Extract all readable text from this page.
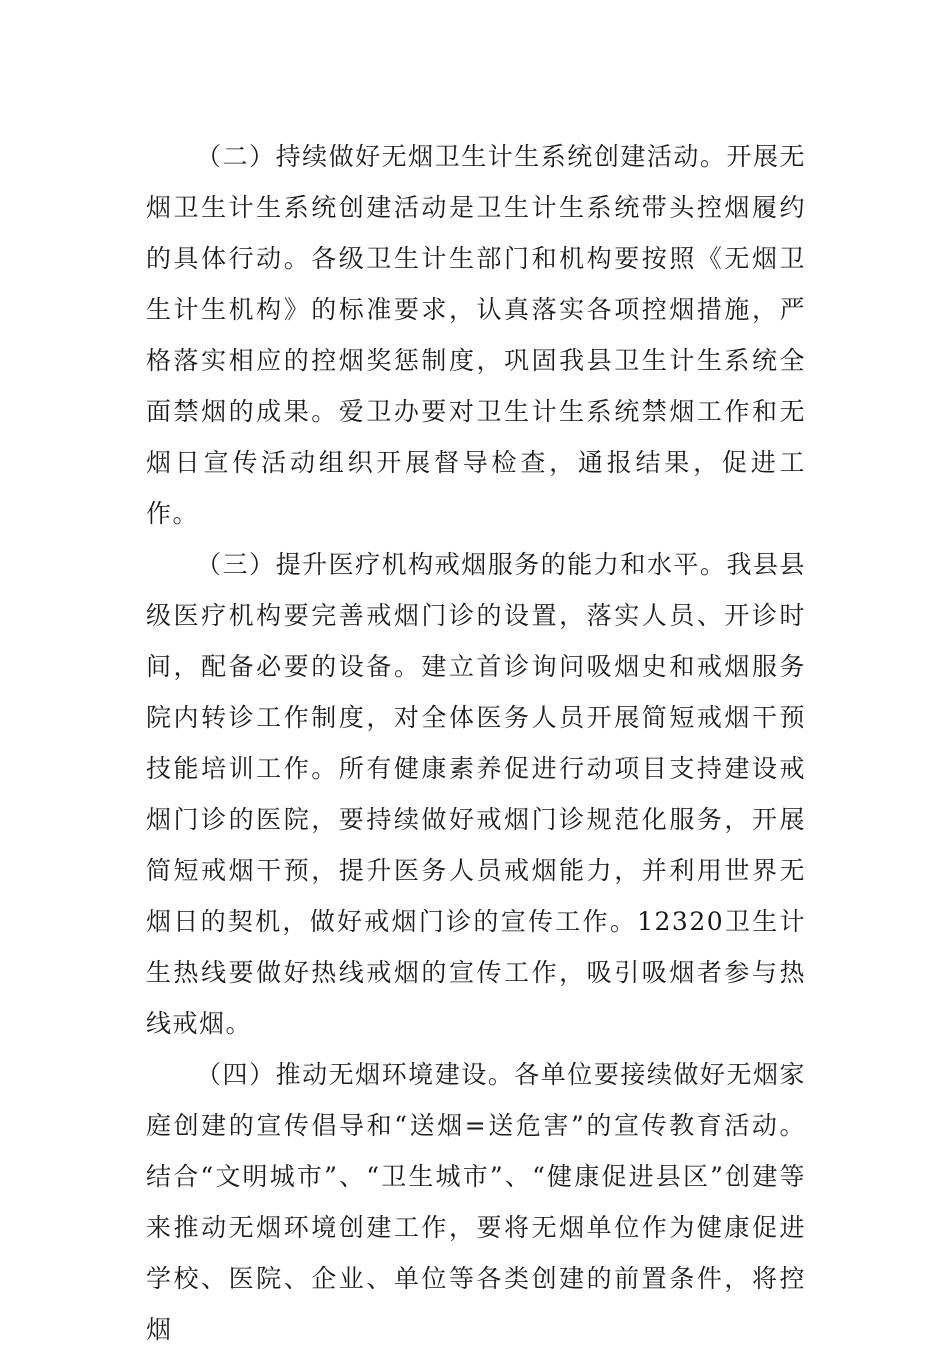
（二）持续做好无烟卫生计生系统创建活动。开展无烟卫生计生系统创建活动是卫生计生系统带头控烟履约的具体行动。各级卫生计生部门和机构要按照《无烟卫生计生机构》的标准要求，认真落实各项控烟措施，严格落实相应的控烟奖惩制度，巩固我县卫生计生系统全面禁烟的成果。爱卫办要对卫生计生系统禁烟工作和无烟日宣传活动组织开展督导检查，通报结果，促进工作。

（三）提升医疗机构戒烟服务的能力和水平。我县县级医疗机构要完善戒烟门诊的设置，落实人员、开诊时间，配备必要的设备。建立首诊询问吸烟史和戒烟服务院内转诊工作制度，对全体医务人员开展简短戒烟干预技能培训工作。所有健康素养促进行动项目支持建设戒烟门诊的医院，要持续做好戒烟门诊规范化服务，开展简短戒烟干预，提升医务人员戒烟能力，并利用世界无烟日的契机，做好戒烟门诊的宣传工作。12320卫生计生热线要做好热线戒烟的宣传工作，吸引吸烟者参与热线戒烟。

（四）推动无烟环境建设。各单位要接续做好无烟家庭创建的宣传倡导和“送烟=送危害”的宣传教育活动。结合“文明城市”、“卫生城市”、“健康促进县区”创建等来推动无烟环境创建工作，要将无烟单位作为健康促进学校、医院、企业、单位等各类创建的前置条件，将控烟
